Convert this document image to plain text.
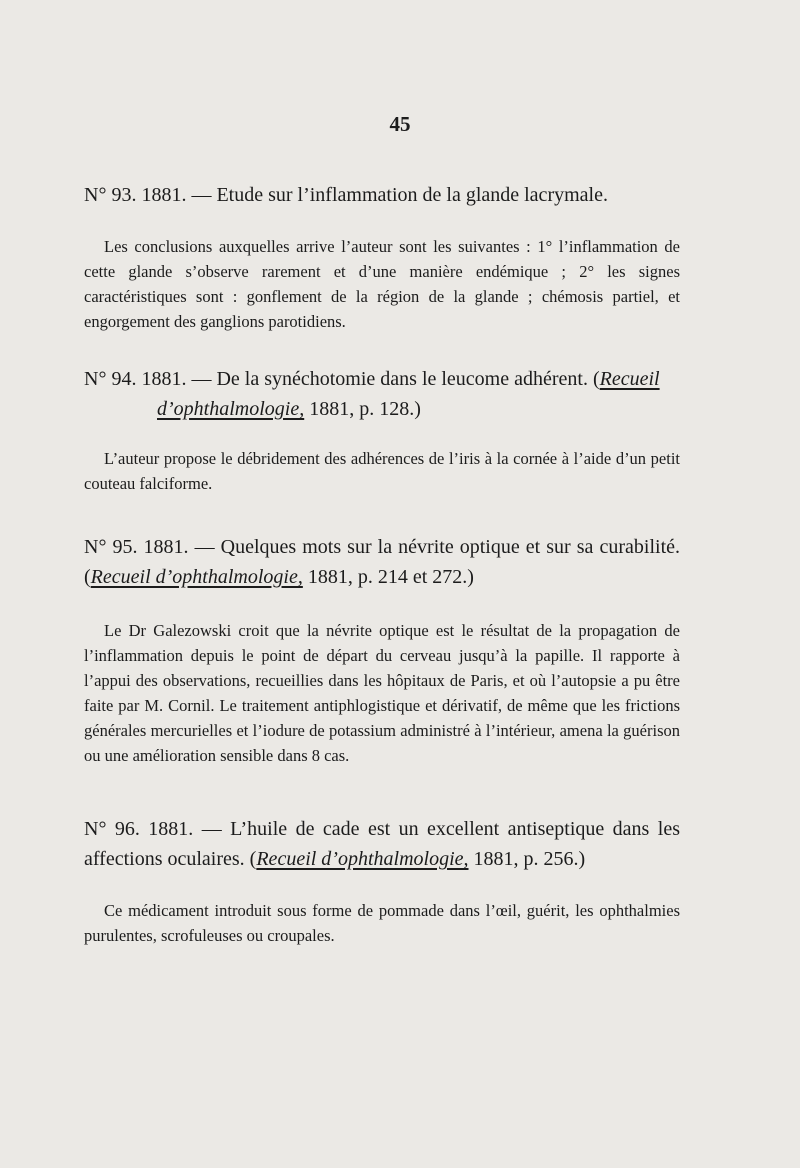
45

N° 93. 1881. — Etude sur l’inflammation de la glande lacrymale.

Les conclusions auxquelles arrive l’auteur sont les suivantes : 1° l’inflammation de cette glande s’observe rarement et d’une manière endémique ; 2° les signes caractéristiques sont : gonflement de la région de la glande ; chémosis partiel, et engorgement des ganglions parotidiens.

N° 94. 1881. — De la synéchotomie dans le leucome adhérent. (Recueil
d’ophthalmologie, 1881, p. 128.)

L’auteur propose le débridement des adhérences de l’iris à la cornée à l’aide d’un petit couteau falciforme.

N° 95. 1881. — Quelques mots sur la névrite optique et sur sa curabilité. (Recueil d’ophthalmologie, 1881, p. 214 et 272.)

Le Dr Galezowski croit que la névrite optique est le résultat de la propagation de l’inflammation depuis le point de départ du cerveau jusqu’à la papille. Il rapporte à l’appui des observations, recueillies dans les hôpitaux de Paris, et où l’autopsie a pu être faite par M. Cornil. Le traitement antiphlogistique et dérivatif, de même que les frictions générales mercurielles et l’iodure de potassium administré à l’intérieur, amena la guérison ou une amélioration sensible dans 8 cas.

N° 96. 1881. — L’huile de cade est un excellent antiseptique dans les affections oculaires. (Recueil d’ophthalmologie, 1881, p. 256.)

Ce médicament introduit sous forme de pommade dans l’œil, guérit, les ophthalmies purulentes, scrofuleuses ou croupales.
